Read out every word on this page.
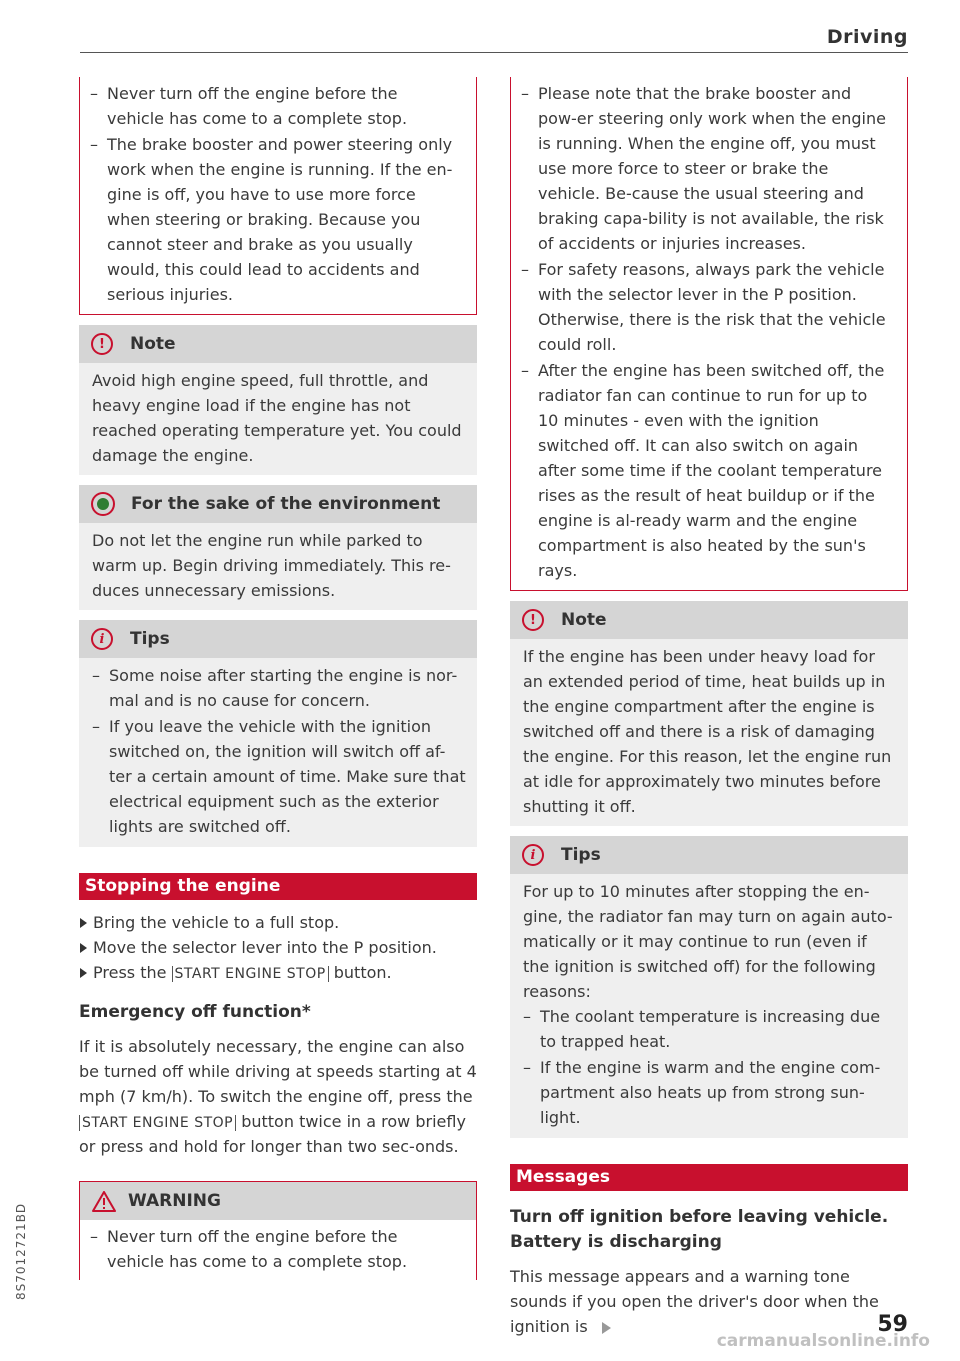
Driving
– Never turn off the engine before the vehicle has come to a complete stop.
– The brake booster and power steering only work when the engine is running. If the en-gine is off, you have to use more force when steering or braking. Because you cannot steer and brake as you usually would, this could lead to accidents and serious injuries.
!	Note

Avoid high engine speed, full throttle, and heavy engine load if the engine has not reached operating temperature yet. You could damage the engine.

For the sake of the environment

Do not let the engine run while parked to warm up. Begin driving immediately. This re-duces unnecessary emissions.

i	Tips
– Some noise after starting the engine is nor-mal and is no cause for concern.
– If you leave the vehicle with the ignition switched on, the ignition will switch off af-ter a certain amount of time. Make sure that electrical equipment such as the exterior lights are switched off.
Stopping the engine
Bring the vehicle to a full stop.
Move the selector lever into the P position.
Press the START ENGINE STOP button.
Emergency off function*

If it is absolutely necessary, the engine can also be turned off while driving at speeds starting at 4 mph (7 km/h). To switch the engine off, press the START ENGINE STOP button twice in a row briefly or press and hold for longer than two sec-onds.

WARNING
– Never turn off the engine before the vehicle has come to a complete stop.
– Please note that the brake booster and pow-er steering only work when the engine is running. When the engine off, you must use more force to steer or brake the vehicle. Be-cause the usual steering and braking capa-bility is not available, the risk of accidents or injuries increases.
– For safety reasons, always park the vehicle with the selector lever in the P position. Otherwise, there is the risk that the vehicle could roll.
– After the engine has been switched off, the radiator fan can continue to run for up to 10 minutes - even with the ignition switched off. It can also switch on again after some time if the coolant temperature rises as the result of heat buildup or if the engine is al-ready warm and the engine compartment is also heated by the sun's rays.
!	Note

If the engine has been under heavy load for an extended period of time, heat builds up in the engine compartment after the engine is switched off and there is a risk of damaging the engine. For this reason, let the engine run at idle for approximately two minutes before shutting it off.

i	Tips

For up to 10 minutes after stopping the en-gine, the radiator fan may turn on again auto-matically or it may continue to run (even if the ignition is switched off) for the following reasons:

– The coolant temperature is increasing due to trapped heat.
– If the engine is warm and the engine com-partment also heats up from strong sun-light.
Messages
Turn off ignition before leaving vehicle. Battery is discharging

This message appears and a warning tone sounds if you open the driver's door when the ignition is	59
8S7012721BD
carmanualsonline.info
